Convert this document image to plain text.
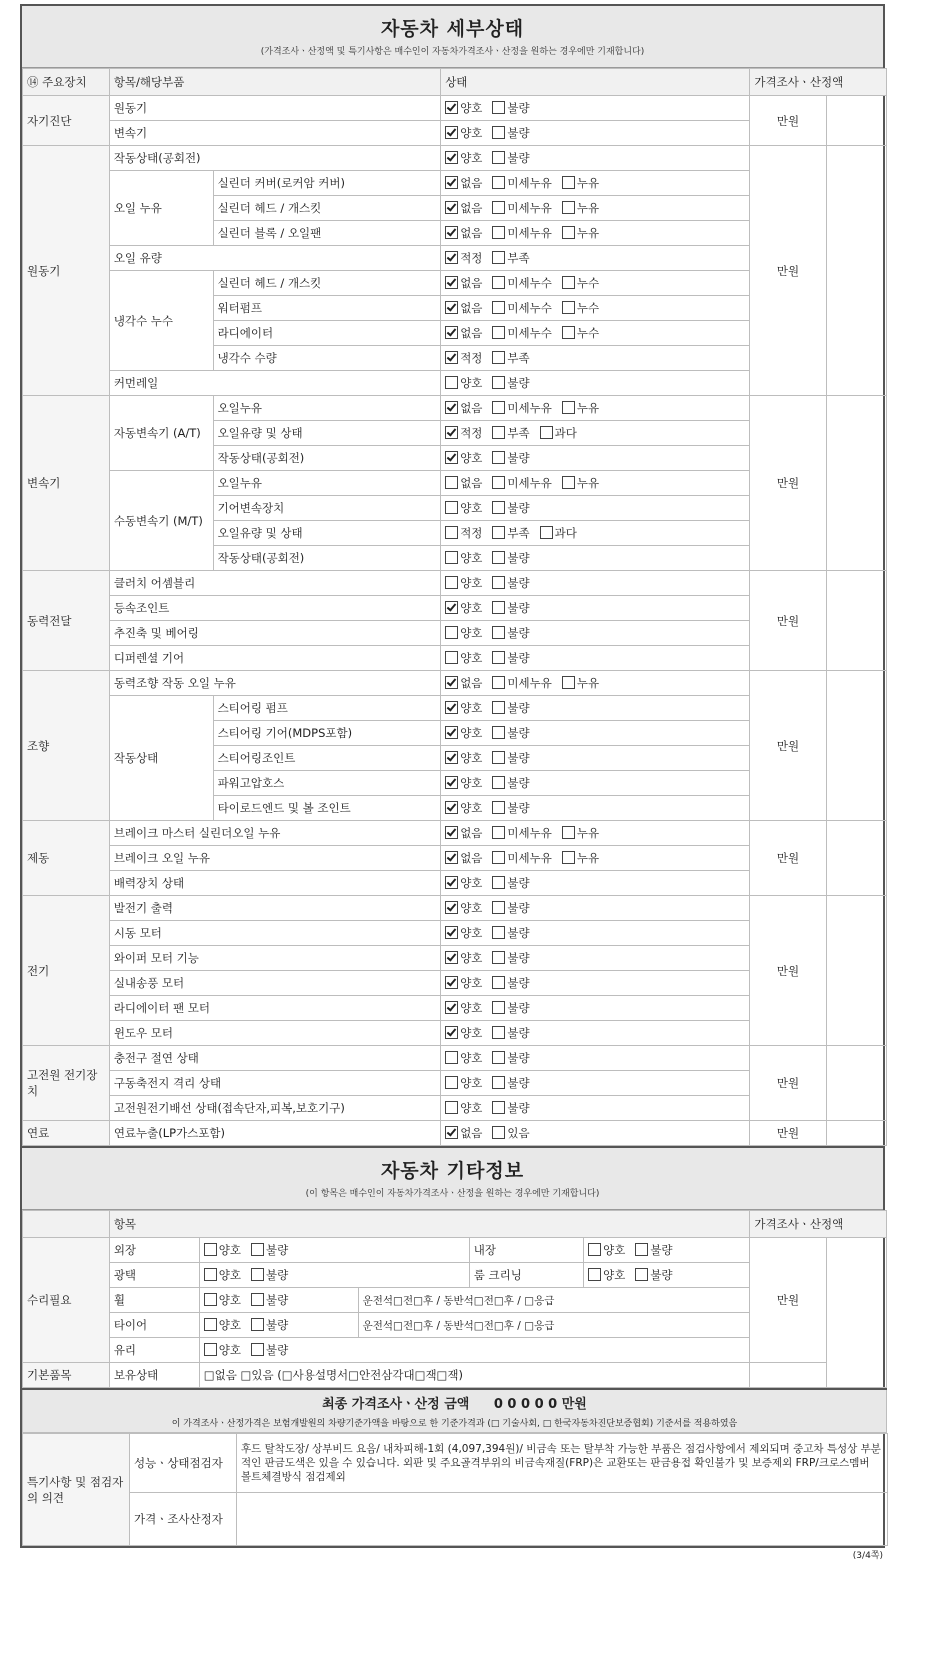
자동차 세부상태

(가격조사ㆍ산정액 및 특기사항은 매수인이 자동차가격조사ㆍ산정을 원하는 경우에만 기재합니다)

⑭ 주요장치	항목/해당부품		상태	가격조사ㆍ산정액	
자기진단	원동기		양호 불량	만원	
	변속기		양호 불량		
원동기	작동상태(공회전)		양호 불량	만원	
	오일 누유	실린더 커버(로커암 커버)	없음 미세누유 누유		
		실린더 헤드 / 개스킷	없음 미세누유 누유		
		실린더 블록 / 오일팬	없음 미세누유 누유		
	오일 유량		적정 부족		
	냉각수 누수	실린더 헤드 / 개스킷	없음 미세누수 누수		
		워터펌프	없음 미세누수 누수		
		라디에이터	없음 미세누수 누수		
		냉각수 수량	적정 부족		
	커먼레일		양호 불량		
변속기	자동변속기 (A/T)	오일누유	없음 미세누유 누유	만원	
		오일유량 및 상태	적정 부족 과다		
		작동상태(공회전)	양호 불량		
	수동변속기 (M/T)	오일누유	없음 미세누유 누유		
		기어변속장치	양호 불량		
		오일유량 및 상태	적정 부족 과다		
		작동상태(공회전)	양호 불량		
동력전달	클러치 어셈블리		양호 불량	만원	
	등속조인트		양호 불량		
	추진축 및 베어링		양호 불량		
	디퍼렌셜 기어		양호 불량		
조향	동력조향 작동 오일 누유		없음 미세누유 누유	만원	
	작동상태	스티어링 펌프	양호 불량		
		스티어링 기어(MDPS포함)	양호 불량		
		스티어링조인트	양호 불량		
		파워고압호스	양호 불량		
		타이로드엔드 및 볼 조인트	양호 불량		
제동	브레이크 마스터 실린더오일 누유		없음 미세누유 누유	만원	
	브레이크 오일 누유		없음 미세누유 누유		
	배력장치 상태		양호 불량		
전기	발전기 출력		양호 불량	만원	
	시동 모터		양호 불량		
	와이퍼 모터 기능		양호 불량		
	실내송풍 모터		양호 불량		
	라디에이터 팬 모터		양호 불량		
	윈도우 모터		양호 불량		
고전원 전기장치	충전구 절연 상태		양호 불량	만원	
	구동축전지 격리 상태		양호 불량		
	고전원전기배선 상태(접속단자,피복,보호기구)		양호 불량		
연료	연료누출(LP가스포함)		없음 있음	만원	
자동차 기타정보

(이 항목은 매수인이 자동차가격조사ㆍ산정을 원하는 경우에만 기재합니다)

	항목					가격조사ㆍ산정액	
수리필요	외장	양호 불량		내장	양호 불량	만원	
	광택	양호 불량		룸 크리닝	양호 불량		
	휠	양호 불량	운전석□전□후 / 동반석□전□후 / □응급				
	타이어	양호 불량	운전석□전□후 / 동반석□전□후 / □응급				
	유리	양호 불량					
기본품목	보유상태	□없음 □있음 (□사용설명서□안전삼각대□잭□잭)					
최종 가격조사ㆍ산정 금액 0 0 0 0 0 만원
이 가격조사ㆍ산정가격은 보험개발원의 차량기준가액을 바탕으로 한 기준가격과 (□ 기술사회, □ 한국자동차진단보증협회) 기준서를 적용하였음
특기사항 및 점검자의 의견	성능ㆍ상태점검자	후드 탈착도장/ 상부비드 요음/ 내차피해-1회 (4,097,394원)/ 비금속 또는 탈부착 가능한 부품은 점검사항에서 제외되며 중고차 특성상 부분적인 판금도색은 있을 수 있습니다. 외판 및 주요골격부위의 비금속재질(FRP)은 교환또는 판금용접 확인불가 및 보증제외 FRP/크로스멤버 볼트체결방식 점검제외
	가격ㆍ조사산정자	
(3/4쪽)
